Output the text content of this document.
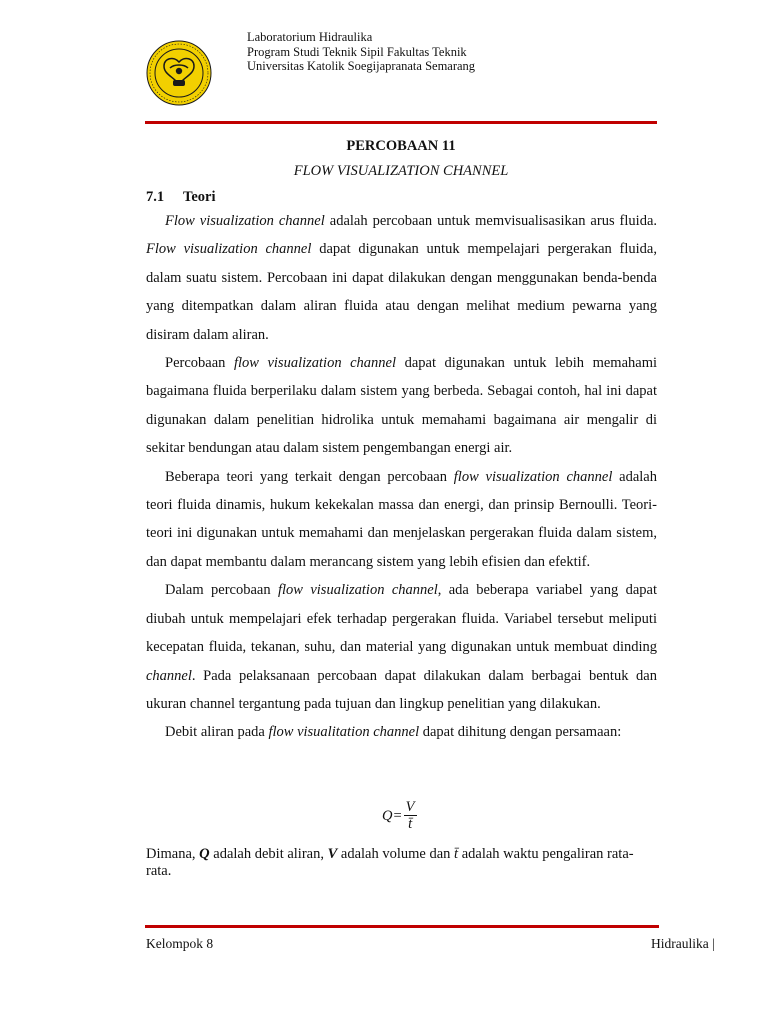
Laboratorium Hidraulika
Program Studi Teknik Sipil Fakultas Teknik
Universitas Katolik Soegijapranata Semarang
PERCOBAAN 11
FLOW VISUALIZATION CHANNEL
7.1 Teori

Flow visualization channel adalah percobaan untuk memvisualisasikan arus fluida. Flow visualization channel dapat digunakan untuk mempelajari pergerakan fluida, dalam suatu sistem. Percobaan ini dapat dilakukan dengan menggunakan benda-benda yang ditempatkan dalam aliran fluida atau dengan melihat medium pewarna yang disiram dalam aliran.

Percobaan flow visualization channel dapat digunakan untuk lebih memahami bagaimana fluida berperilaku dalam sistem yang berbeda. Sebagai contoh, hal ini dapat digunakan dalam penelitian hidrolika untuk memahami bagaimana air mengalir di sekitar bendungan atau dalam sistem pengembangan energi air.

Beberapa teori yang terkait dengan percobaan flow visualization channel adalah teori fluida dinamis, hukum kekekalan massa dan energi, dan prinsip Bernoulli. Teori-teori ini digunakan untuk memahami dan menjelaskan pergerakan fluida dalam sistem, dan dapat membantu dalam merancang sistem yang lebih efisien dan efektif.

Dalam percobaan flow visualization channel, ada beberapa variabel yang dapat diubah untuk mempelajari efek terhadap pergerakan fluida. Variabel tersebut meliputi kecepatan fluida, tekanan, suhu, dan material yang digunakan untuk membuat dinding channel. Pada pelaksanaan percobaan dapat dilakukan dalam berbagai bentuk dan ukuran channel tergantung pada tujuan dan lingkup penelitian yang dilakukan.

Debit aliran pada flow visualitation channel dapat dihitung dengan persamaan:

$Q = \frac{V}{t̄}$
Dimana, Q adalah debit aliran, V adalah volume dan t̄ adalah waktu pengaliran rata-rata.
Kelompok 8	Hidraulika |
